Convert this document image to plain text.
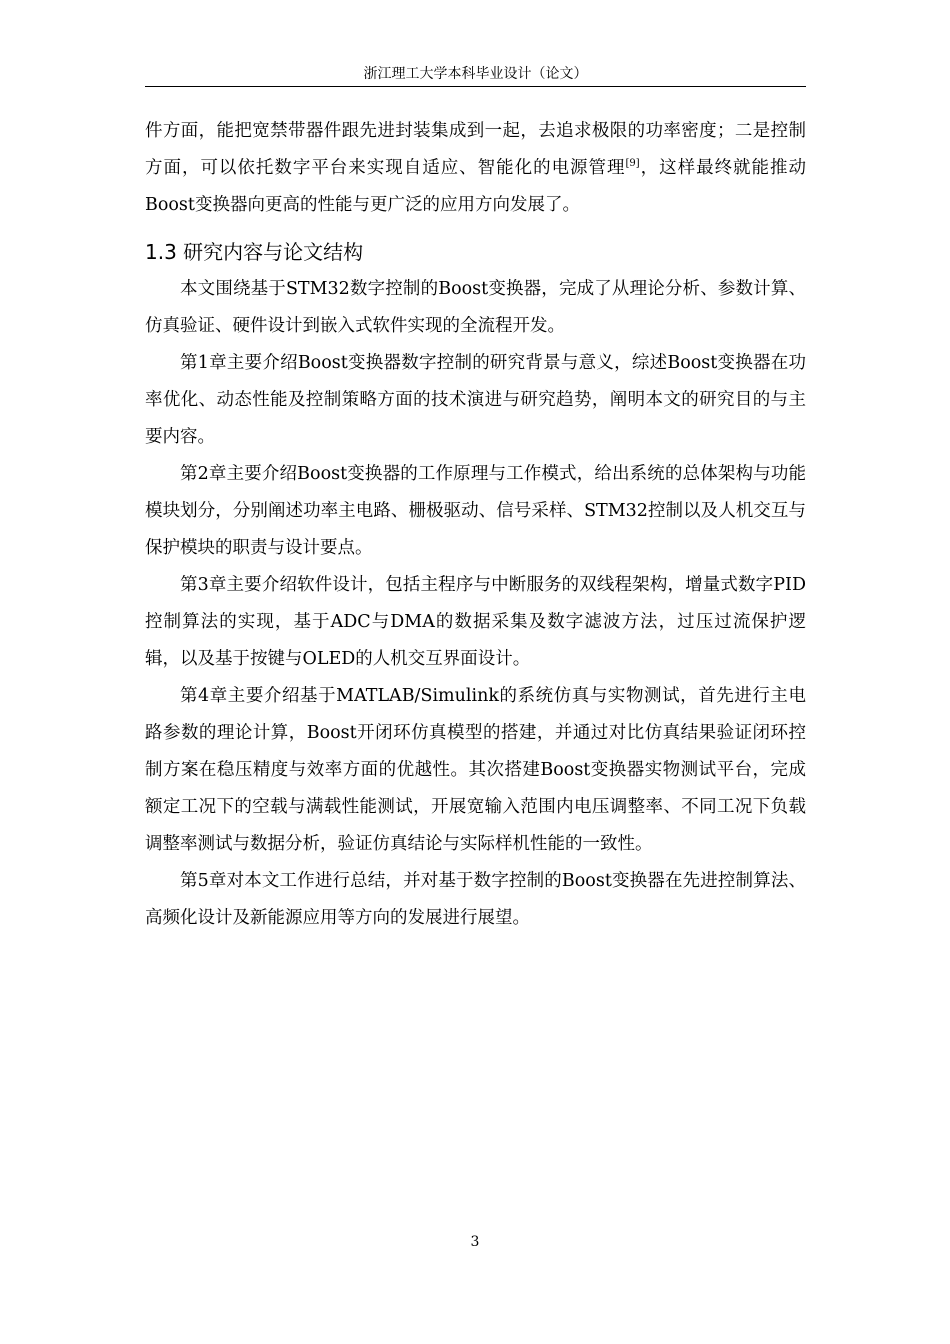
浙江理工大学本科毕业设计（论文）

件方面，能把宽禁带器件跟先进封装集成到一起，去追求极限的功率密度；二是控制方面，可以依托数字平台来实现自适应、智能化的电源管理[9]，这样最终就能推动Boost变换器向更高的性能与更广泛的应用方向发展了。

1.3 研究内容与论文结构

本文围绕基于STM32数字控制的Boost变换器，完成了从理论分析、参数计算、仿真验证、硬件设计到嵌入式软件实现的全流程开发。

第1章主要介绍Boost变换器数字控制的研究背景与意义，综述Boost变换器在功率优化、动态性能及控制策略方面的技术演进与研究趋势，阐明本文的研究目的与主要内容。

第2章主要介绍Boost变换器的工作原理与工作模式，给出系统的总体架构与功能模块划分，分别阐述功率主电路、栅极驱动、信号采样、STM32控制以及人机交互与保护模块的职责与设计要点。

第3章主要介绍软件设计，包括主程序与中断服务的双线程架构，增量式数字PID控制算法的实现，基于ADC与DMA的数据采集及数字滤波方法，过压过流保护逻辑，以及基于按键与OLED的人机交互界面设计。

第4章主要介绍基于MATLAB/Simulink的系统仿真与实物测试，首先进行主电路参数的理论计算，Boost开闭环仿真模型的搭建，并通过对比仿真结果验证闭环控制方案在稳压精度与效率方面的优越性。其次搭建Boost变换器实物测试平台，完成额定工况下的空载与满载性能测试，开展宽输入范围内电压调整率、不同工况下负载调整率测试与数据分析，验证仿真结论与实际样机性能的一致性。

第5章对本文工作进行总结，并对基于数字控制的Boost变换器在先进控制算法、高频化设计及新能源应用等方向的发展进行展望。

3
